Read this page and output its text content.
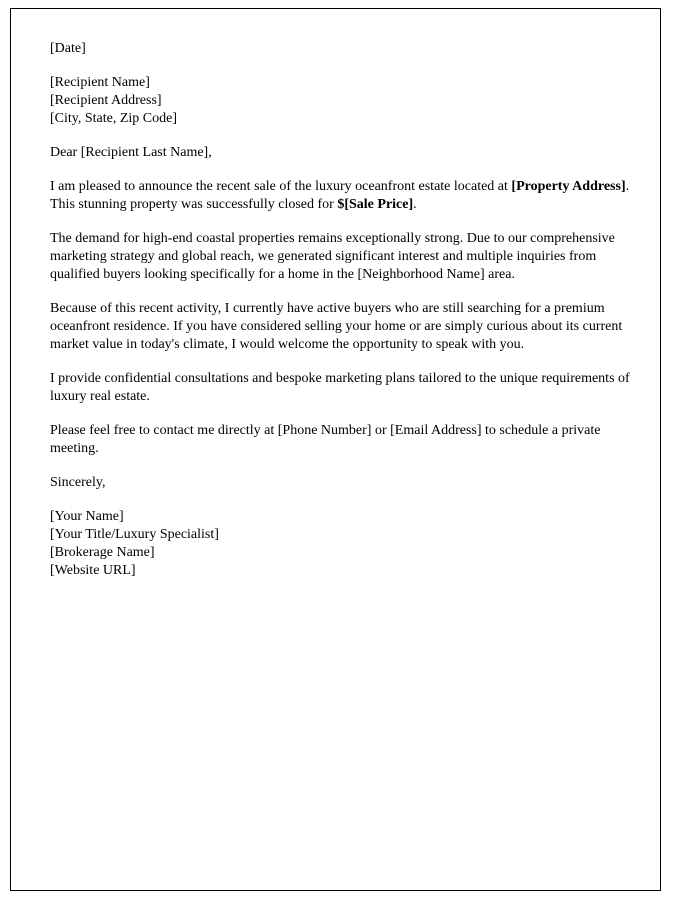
[Date]

[Recipient Name]

[Recipient Address]

[City, State, Zip Code]

Dear [Recipient Last Name],

I am pleased to announce the recent sale of the luxury oceanfront estate located at [Property Address]. This stunning property was successfully closed for $[Sale Price].

The demand for high-end coastal properties remains exceptionally strong. Due to our comprehensive marketing strategy and global reach, we generated significant interest and multiple inquiries from qualified buyers looking specifically for a home in the [Neighborhood Name] area.

Because of this recent activity, I currently have active buyers who are still searching for a premium oceanfront residence. If you have considered selling your home or are simply curious about its current market value in today's climate, I would welcome the opportunity to speak with you.

I provide confidential consultations and bespoke marketing plans tailored to the unique requirements of luxury real estate.

Please feel free to contact me directly at [Phone Number] or [Email Address] to schedule a private meeting.

Sincerely,

[Your Name]

[Your Title/Luxury Specialist]

[Brokerage Name]

[Website URL]
